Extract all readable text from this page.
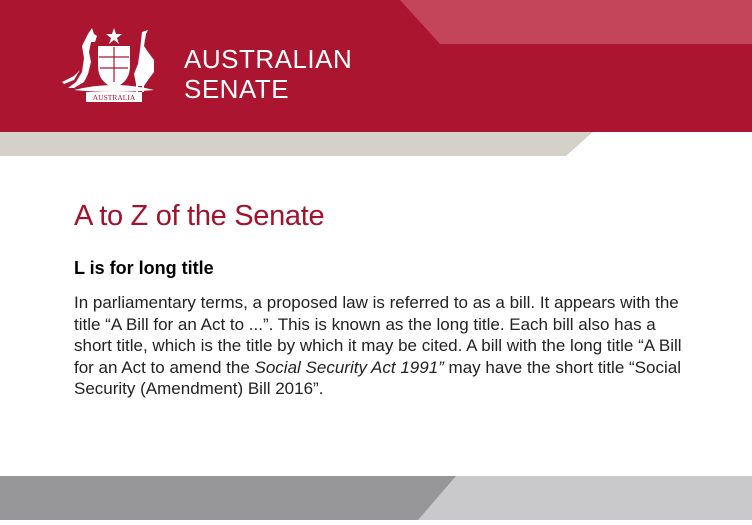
AUSTRALIA
AUSTRALIAN
SENATE
A to Z of the Senate
L is for long title

In parliamentary terms, a proposed law is referred to as a bill. It appears with the title “A Bill for an Act to ...”. This is known as the long title. Each bill also has a short title, which is the title by which it may be cited. A bill with the long title “A Bill for an Act to amend the Social Security Act 1991” may have the short title “Social Security (Amendment) Bill 2016”.
